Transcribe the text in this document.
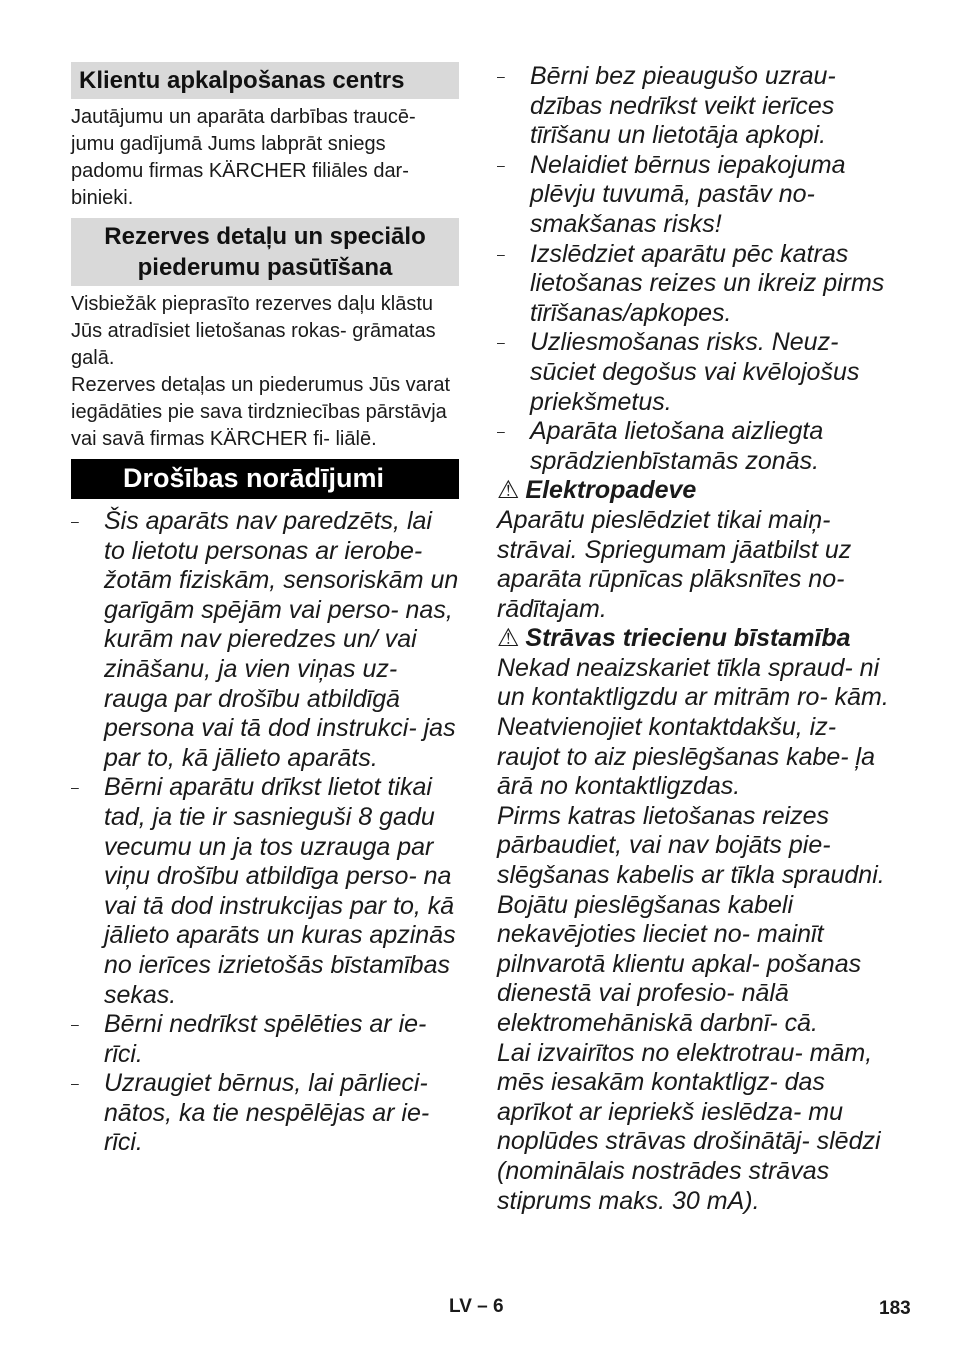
Klientu apkalpošanas centrs

Jautājumu un aparāta darbības traucē- jumu gadījumā Jums labprāt sniegs padomu firmas KÄRCHER filiāles dar- binieki.

Rezerves detaļu un speciālo piederumu pasūtīšana

Visbiežāk pieprasīto rezerves daļu klāstu Jūs atradīsiet lietošanas rokas- grāmatas galā.

Rezerves detaļas un piederumus Jūs varat iegādāties pie sava tirdzniecības pārstāvja vai savā firmas KÄRCHER fi- liālē.

Drošības norādījumi
– Šis aparāts nav paredzēts, lai to lietotu personas ar ierobe- žotām fiziskām, sensoriskām un garīgām spējām vai perso- nas, kurām nav pieredzes un/ vai zināšanu, ja vien viņas uz- rauga par drošību atbildīgā persona vai tā dod instrukci- jas par to, kā jālieto aparāts.
– Bērni aparātu drīkst lietot tikai tad, ja tie ir sasnieguši 8 gadu vecumu un ja tos uzrauga par viņu drošību atbildīga perso- na vai tā dod instrukcijas par to, kā jālieto aparāts un kuras apzinās no ierīces izrietošās bīstamības sekas.
– Bērni nedrīkst spēlēties ar ie- rīci.
– Uzraugiet bērnus, lai pārlieci- nātos, ka tie nespēlējas ar ie- rīci.
– Bērni bez pieaugušo uzrau- dzības nedrīkst veikt ierīces tīrīšanu un lietotāja apkopi.
– Nelaidiet bērnus iepakojuma plēvju tuvumā, pastāv no- smakšanas risks!
– Izslēdziet aparātu pēc katras lietošanas reizes un ikreiz pirms tīrīšanas/apkopes.
– Uzliesmošanas risks. Neuz- sūciet degošus vai kvēlojošus priekšmetus.
– Aparāta lietošana aizliegta sprādzienbīstamās zonās.
⚠ Elektropadeve

Aparātu pieslēdziet tikai maiņ- strāvai. Spriegumam jāatbilst uz aparāta rūpnīcas plāksnītes no- rādītajam.

⚠ Strāvas triecienu bīstamība

Nekad neaizskariet tīkla spraud- ni un kontaktligzdu ar mitrām ro- kām.

Neatvienojiet kontaktdakšu, iz- raujot to aiz pieslēgšanas kabe- ļa ārā no kontaktligzdas.

Pirms katras lietošanas reizes pārbaudiet, vai nav bojāts pie- slēgšanas kabelis ar tīkla spraudni. Bojātu pieslēgšanas kabeli nekavējoties lieciet no- mainīt pilnvarotā klientu apkal- pošanas dienestā vai profesio- nālā elektromehāniskā darbnī- cā.

Lai izvairītos no elektrotrau- mām, mēs iesakām kontaktligz- das aprīkot ar iepriekš ieslēdza- mu noplūdes strāvas drošinātāj- slēdzi (nominālais nostrādes strāvas stiprums maks. 30 mA).

LV – 6	183
